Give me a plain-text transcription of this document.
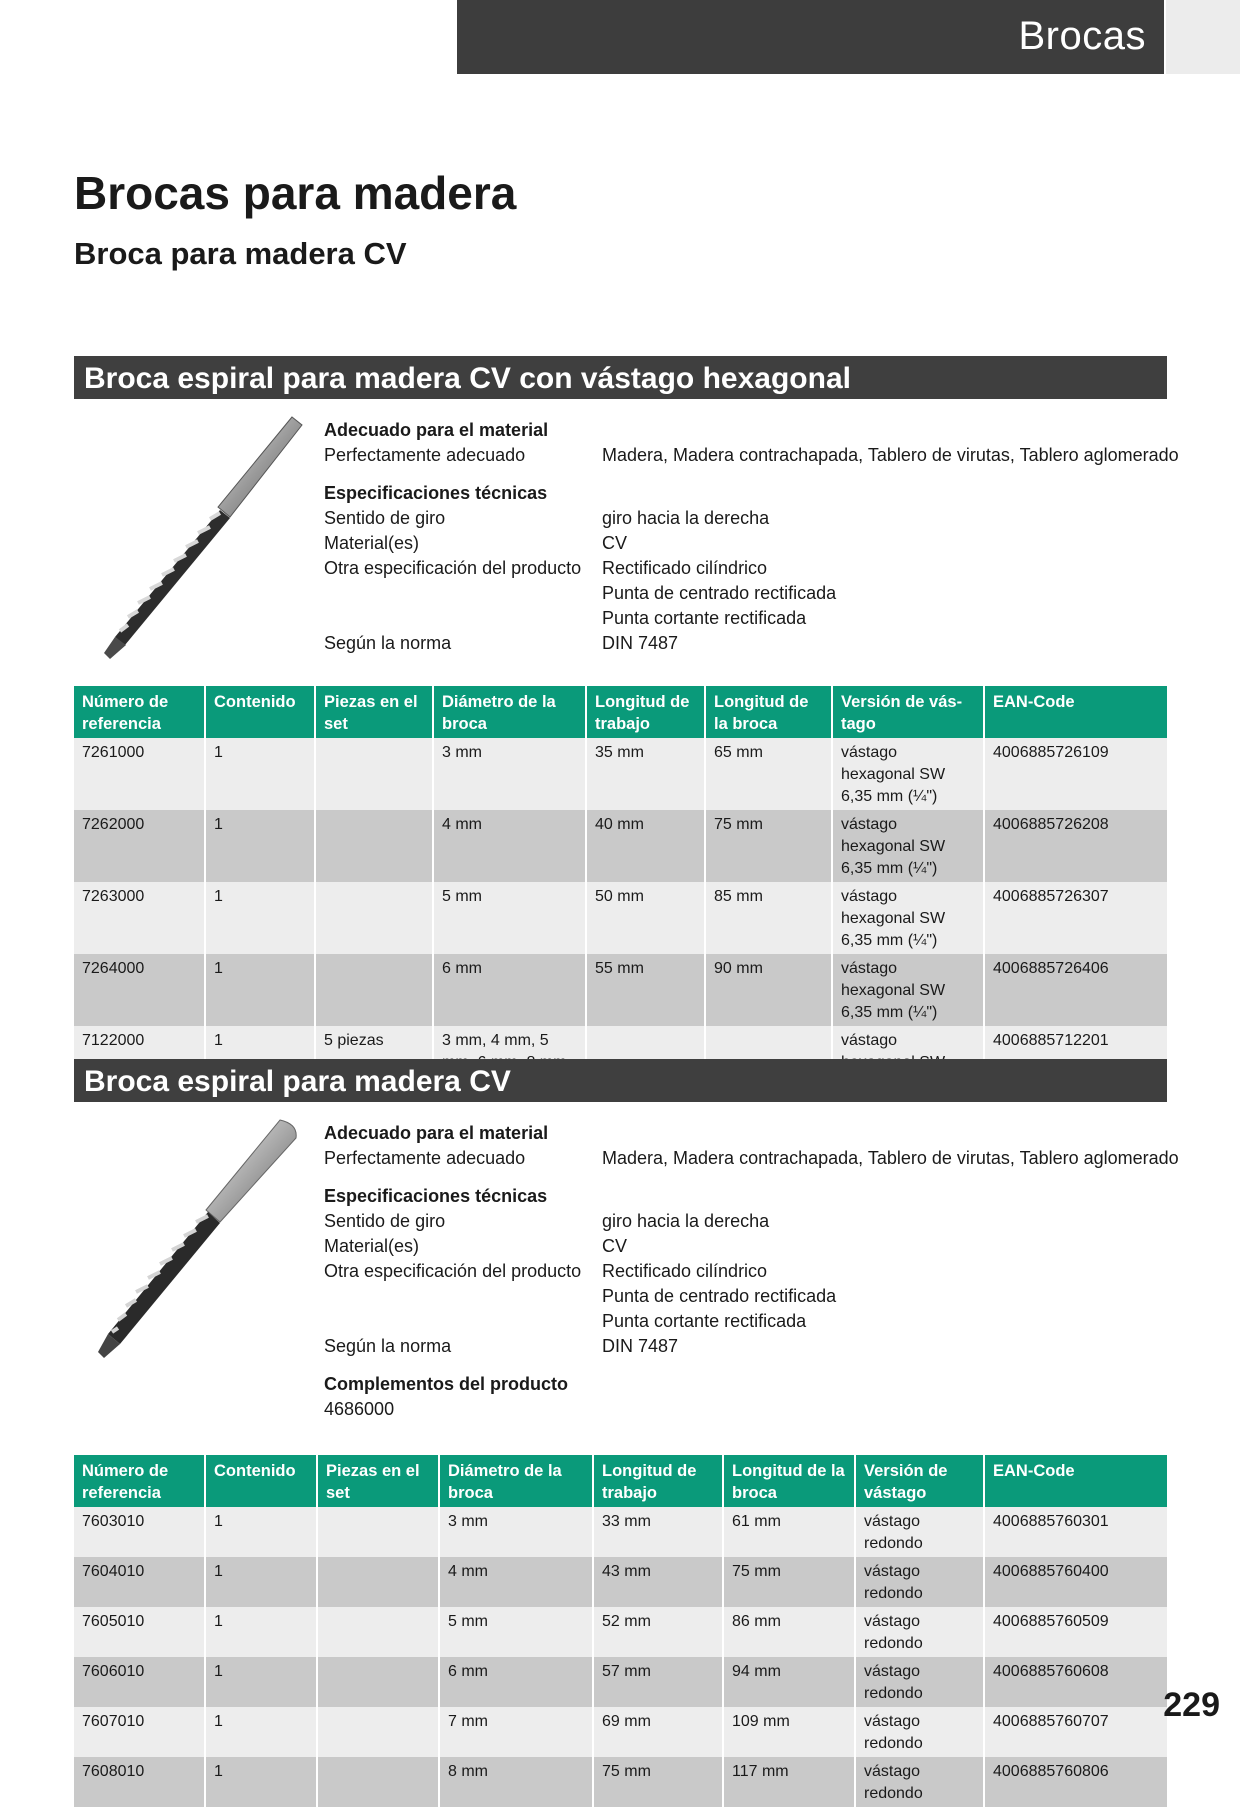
Brocas
Brocas para madera
Broca para madera CV
Broca espiral para madera CV con vástago hexagonal
Adecuado para el material
Perfectamente adecuado	Madera, Madera contrachapada, Tablero de virutas, Tablero aglomerado
Especificaciones técnicas
Sentido de giro	giro hacia la derecha
Material(es)	CV
Otra especificación del producto	Rectificado cilíndrico
Punta de centrado rectificada
Punta cortante rectificada
Según la norma	DIN 7487
Número de referencia	Contenido	Piezas en el set	Diámetro de la broca	Longitud de trabajo	Longitud de la broca	Versión de vás- tago	EAN-Code
7261000	1		3 mm	35 mm	65 mm	vástago hexagonal SW 6,35 mm (¼")	4006885726109
7262000	1		4 mm	40 mm	75 mm	vástago hexagonal SW 6,35 mm (¼")	4006885726208
7263000	1		5 mm	50 mm	85 mm	vástago hexagonal SW 6,35 mm (¼")	4006885726307
7264000	1		6 mm	55 mm	90 mm	vástago hexagonal SW 6,35 mm (¼")	4006885726406
7122000	1	5 piezas	3 mm, 4 mm, 5			vástago	4006885712201
Broca espiral para madera CV
Adecuado para el material
Perfectamente adecuado	Madera, Madera contrachapada, Tablero de virutas, Tablero aglomerado
Especificaciones técnicas
Sentido de giro	giro hacia la derecha
Material(es)	CV
Otra especificación del producto	Rectificado cilíndrico
Punta de centrado rectificada
Punta cortante rectificada
Según la norma	DIN 7487
Complementos del producto
4686000
Número de referencia	Contenido	Piezas en el set	Diámetro de la broca	Longitud de trabajo	Longitud de la broca	Versión de vástago	EAN-Code
7603010	1		3 mm	33 mm	61 mm	vástago redondo	4006885760301
7604010	1		4 mm	43 mm	75 mm	vástago redondo	4006885760400
7605010	1		5 mm	52 mm	86 mm	vástago redondo	4006885760509
7606010	1		6 mm	57 mm	94 mm	vástago redondo	4006885760608
7607010	1		7 mm	69 mm	109 mm	vástago redondo	4006885760707
7608010	1		8 mm	75 mm	117 mm	vástago redondo	4006885760806
229
